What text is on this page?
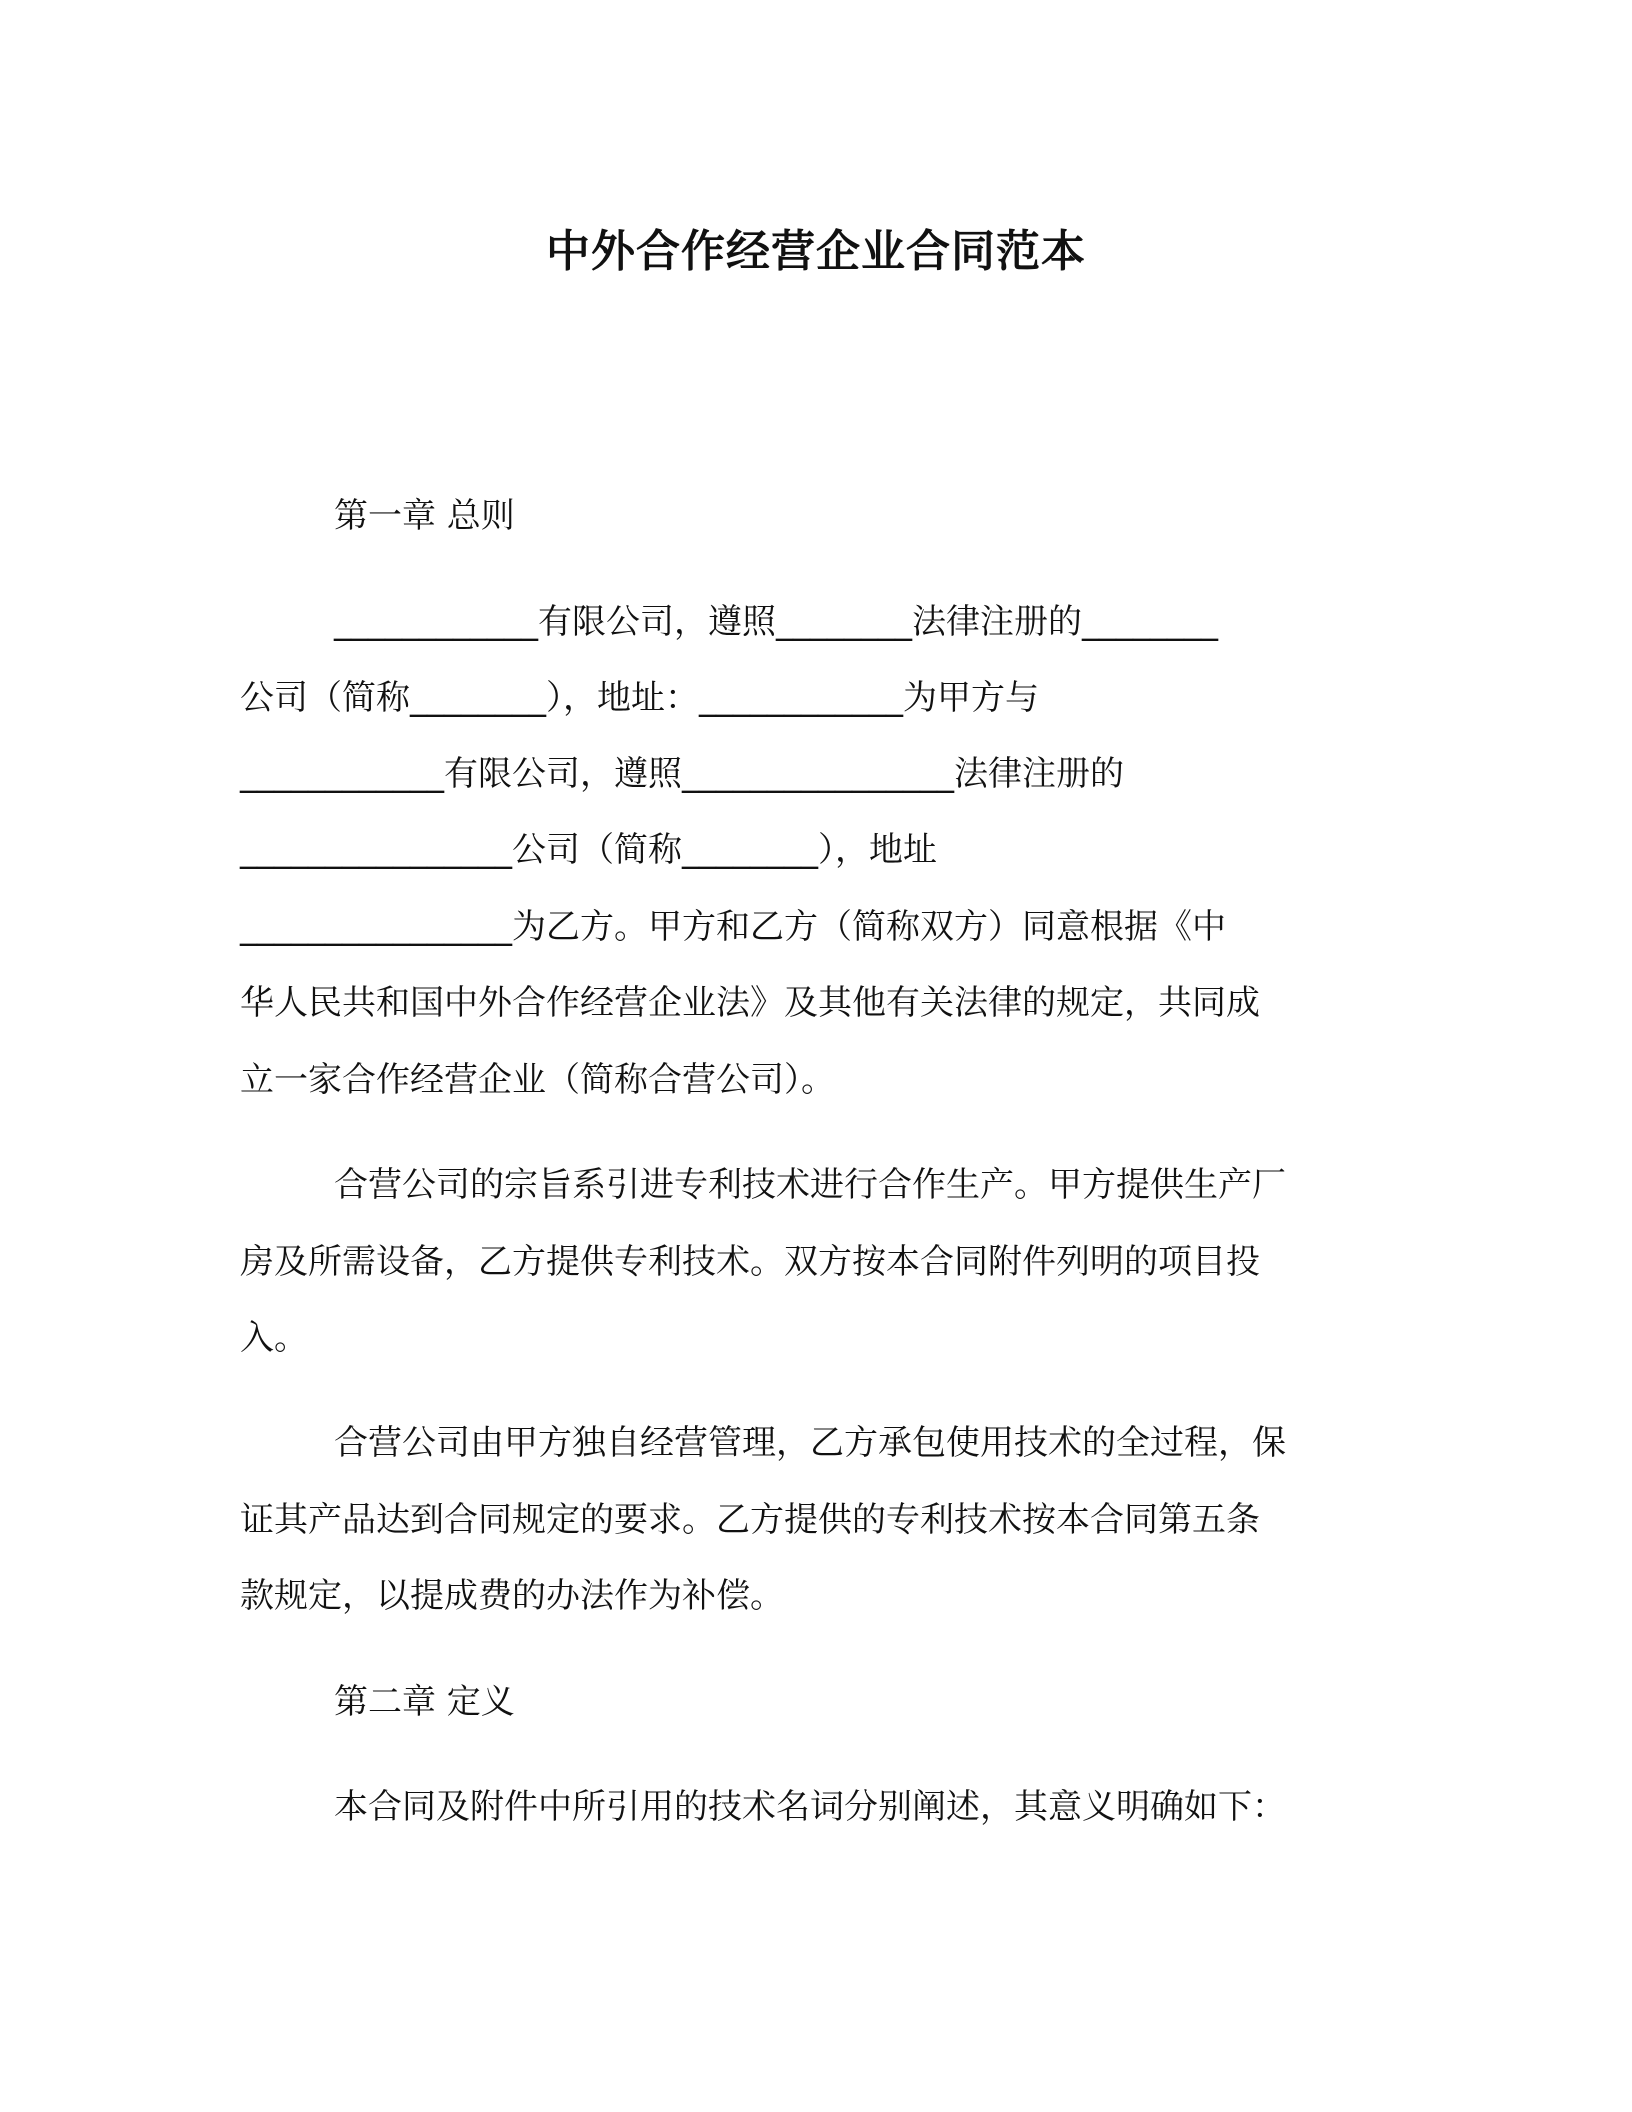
中外合作经营企业合同范本
第一章 总则
____________有限公司，遵照________法律注册的________
公司（简称________），地址：____________为甲方与
____________有限公司，遵照________________法律注册的
________________公司（简称________），地址
________________为乙方。甲方和乙方（简称双方）同意根据《中
华人民共和国中外合作经营企业法》及其他有关法律的规定，共同成
立一家合作经营企业（简称合营公司）。
合营公司的宗旨系引进专利技术进行合作生产。甲方提供生产厂
房及所需设备，乙方提供专利技术。双方按本合同附件列明的项目投
入。
合营公司由甲方独自经营管理，乙方承包使用技术的全过程，保
证其产品达到合同规定的要求。乙方提供的专利技术按本合同第五条
款规定，以提成费的办法作为补偿。
第二章 定义
本合同及附件中所引用的技术名词分别阐述，其意义明确如下：
